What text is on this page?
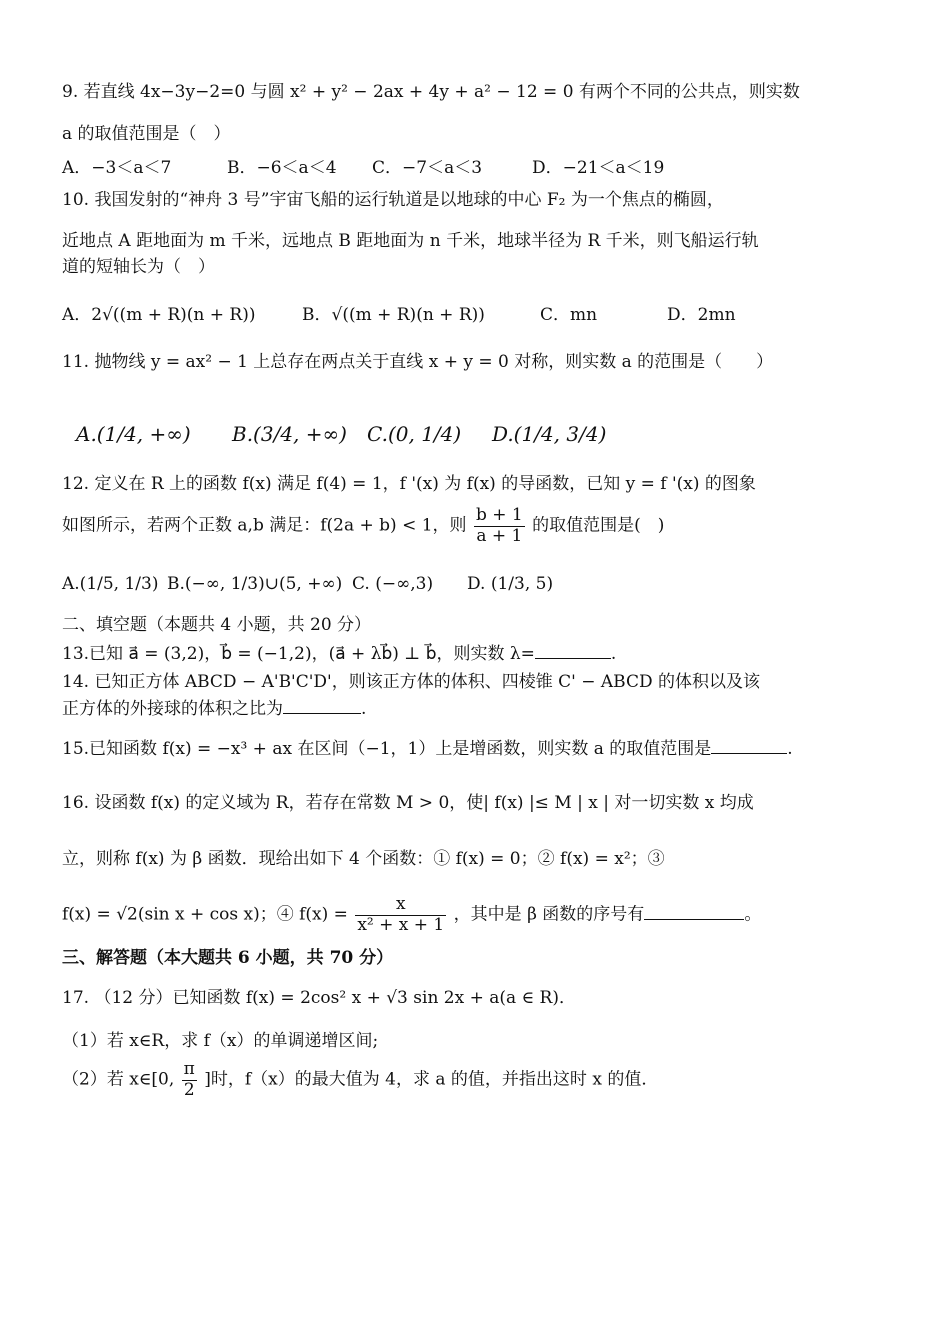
9. 若直线 4x−3y−2=0 与圆 x² + y² − 2ax + 4y + a² − 12 = 0 有两个不同的公共点，则实数
a 的取值范围是（　）
A．−3＜a＜7	B．−6＜a＜4 C．−7＜a＜3	D．−21＜a＜19
10. 我国发射的“神舟 3 号”宇宙飞船的运行轨道是以地球的中心 F₂ 为一个焦点的椭圆，
近地点 A 距地面为 m 千米，远地点 B 距地面为 n 千米，地球半径为 R 千米，则飞船运行轨
道的短轴长为（　）
A．2√((m + R)(n + R))	B．√((m + R)(n + R))	C．mn	D．2mn
11. 抛物线 y = ax² − 1 上总存在两点关于直线 x + y = 0 对称，则实数 a 的范围是（　　）
A.(1/4, +∞) B.(3/4, +∞) C.(0, 1/4) D.(1/4, 3/4)
12. 定义在 R 上的函数 f(x) 满足 f(4) = 1，f '(x) 为 f(x) 的导函数，已知 y = f '(x) 的图象
如图所示，若两个正数 a,b 满足：f(2a + b) < 1，则 $\frac{b + 1}{a + 1}$ 的取值范围是(　)
A.(1/5, 1/3) B.(−∞, 1/3)∪(5, +∞) C. (−∞,3) D. (1/3, 5)
二、填空题（本题共 4 小题，共 20 分）
13.已知 a⃗ = (3,2)，b⃗ = (−1,2)，(a⃗ + λb⃗) ⊥ b⃗，则实数 λ=	.
14. 已知正方体 ABCD − A'B'C'D'，则该正方体的体积、四棱锥 C' − ABCD 的体积以及该
正方体的外接球的体积之比为	.
15.已知函数 f(x) = −x³ + ax 在区间（−1，1）上是增函数，则实数 a 的取值范围是	.
16. 设函数 f(x) 的定义域为 R，若存在常数 M > 0，使| f(x) |≤ M | x | 对一切实数 x 均成
立，则称 f(x) 为 β 函数．现给出如下 4 个函数：① f(x) = 0；② f(x) = x²；③
f(x) = √2(sin x + cos x)；④ $f(x) = \frac{x}{\text{x² + x + 1}}$ ，其中是 β 函数的序号有	。
三、解答题（本大题共 6 小题，共 70 分）
17. （12 分）已知函数 f(x) = 2cos² x + √3 sin 2x + a(a ∈ R)．
（1）若 x∈R，求 f（x）的单调递增区间;
（2）若 x∈[0, $\frac{\pi}{2}$ ]时，f（x）的最大值为 4，求 a 的值，并指出这时 x 的值．
